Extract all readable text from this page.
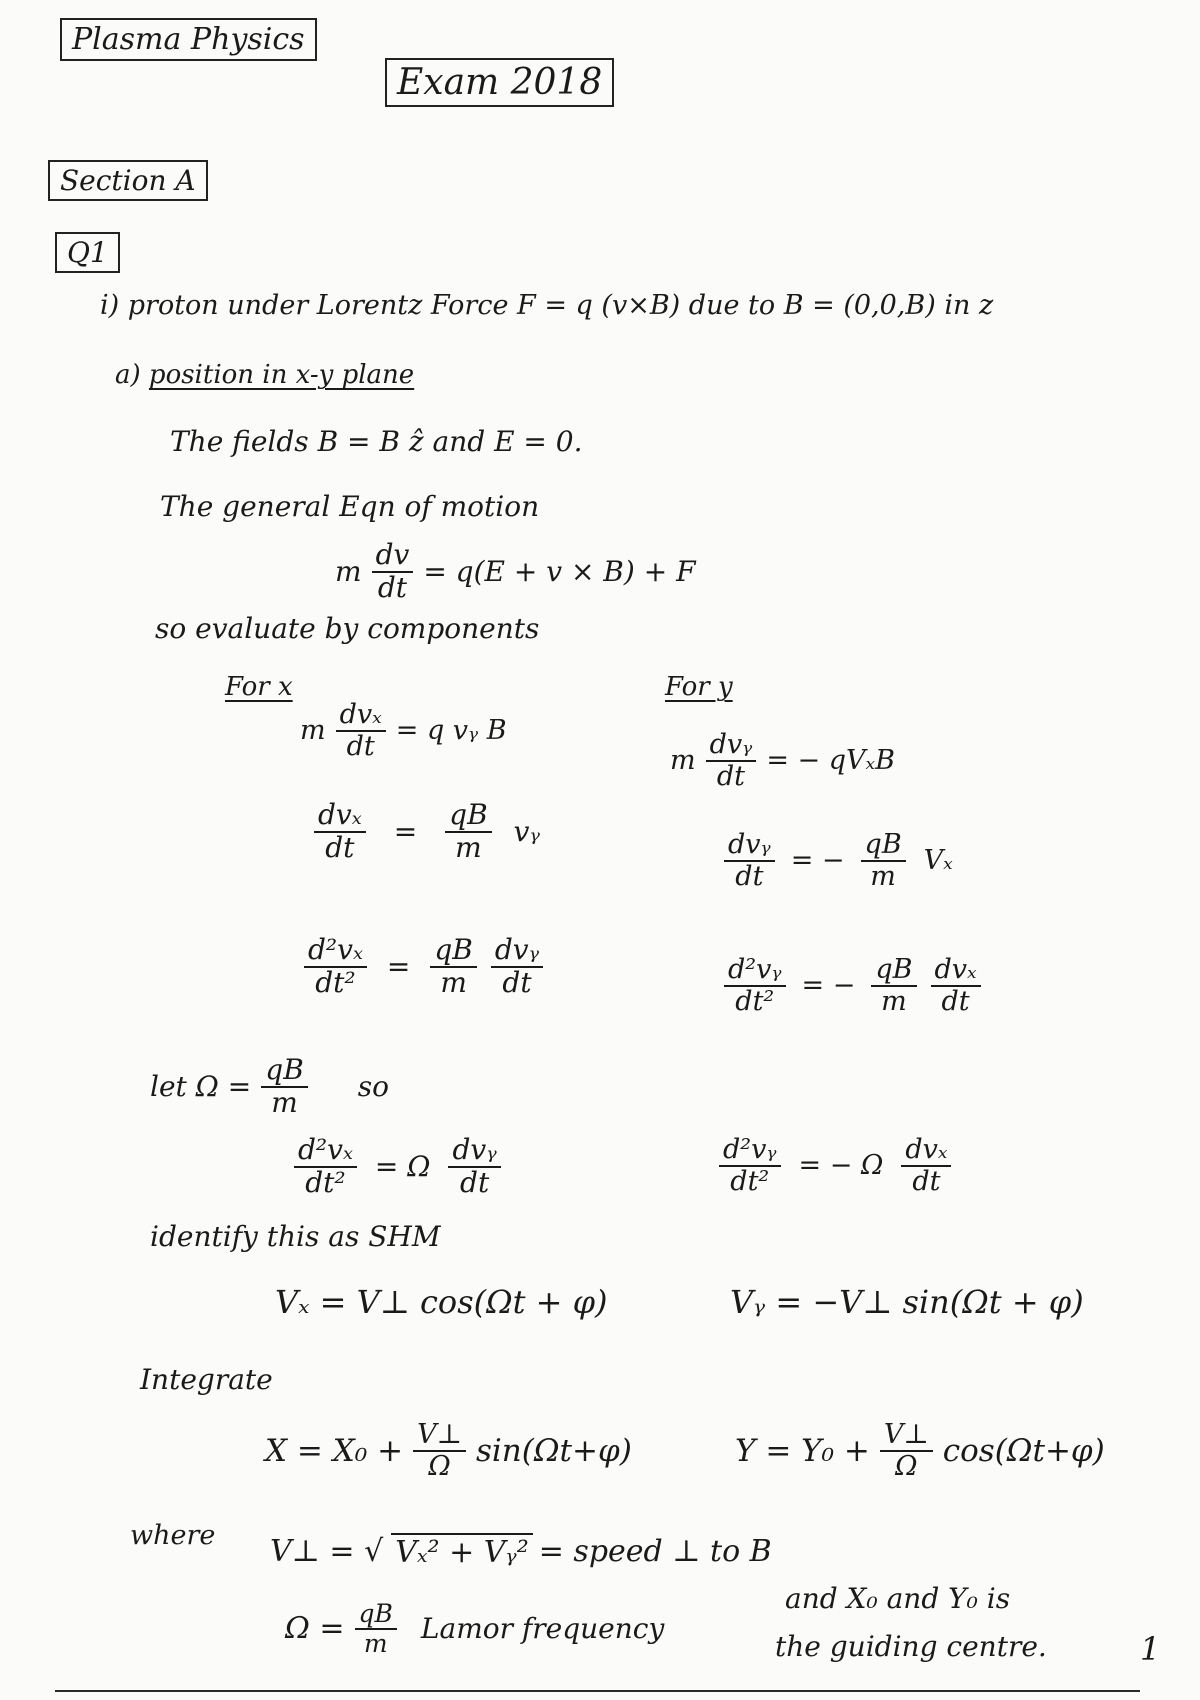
Plasma Physics
Exam 2018
Section A
Q1
i) proton under Lorentz Force F = q (v×B) due to B = (0,0,B) in z
a) position in x-y plane
The fields B = B ẑ and E = 0.
The general Eqn of motion
m $\frac{dv}{dt} = q(E + v \times B) + F$
so evaluate by components
For x
m $\frac{\text{dvₓ}}{dt} = q$ vᵧ B
$\frac{\text{dvₓ}}{dt} = \frac{qB}{m}$ vᵧ
$\frac{\text{d²vₓ}}{\text{dt²}} = \frac{qB}{m} \frac{\text{dvᵧ}}{dt}$
let $\Omega = \frac{qB}{m}$ so
$\frac{\text{d²vₓ}}{\text{dt²}} = \Omega \frac{\text{dvᵧ}}{dt}$
identify this as SHM
Vₓ = V⊥ cos(Ωt + φ)
For y
m $\frac{\text{dvᵧ}}{dt}$ = − qVₓB
$\frac{\text{dvᵧ}}{dt}$ = − $\frac{qB}{m}$ Vₓ
$\frac{\text{d²vᵧ}}{\text{dt²}}$ = − $\frac{qB}{m} \frac{\text{dvₓ}}{dt}$
$\frac{\text{d²vᵧ}}{\text{dt²}}$ = − Ω $\frac{\text{dvₓ}}{dt}$
Vᵧ = −V⊥ sin(Ωt + φ)
Integrate
$X = X_0 + \frac{V\perp}{\Omega} \sin(\Omega t+\varphi)$	$Y = Y_0 + \frac{V\perp}{\Omega} \cos(\Omega t+\varphi)$
where V⊥ = √ Vₓ² + Vᵧ² = speed ⊥ to B
$\Omega = \frac{qB}{m}$ Lamor frequency
and X₀ and Y₀ is
the guiding centre.	1
